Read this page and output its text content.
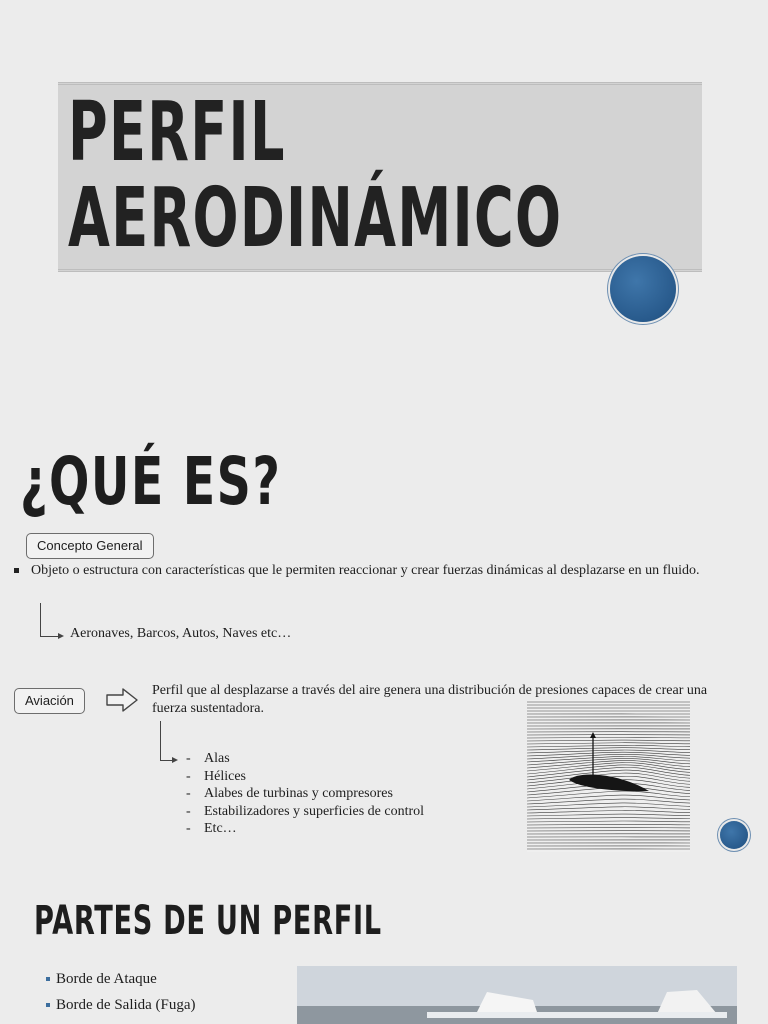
PERFIL
AERODINÁMICO
¿QUÉ ES?
Concepto General
Objeto o estructura con características que le permiten reaccionar y crear fuerzas dinámicas al desplazarse en un fluido.
Aeronaves, Barcos, Autos, Naves etc…
Aviación
Perfil que al desplazarse a través del aire genera una distribución de presiones capaces de crear una fuerza sustentadora.
- Alas
- Hélices
- Alabes de turbinas y compresores
- Estabilizadores y superficies de control
- Etc…
PARTES DE UN PERFIL
Borde de Ataque
Borde de Salida (Fuga)
